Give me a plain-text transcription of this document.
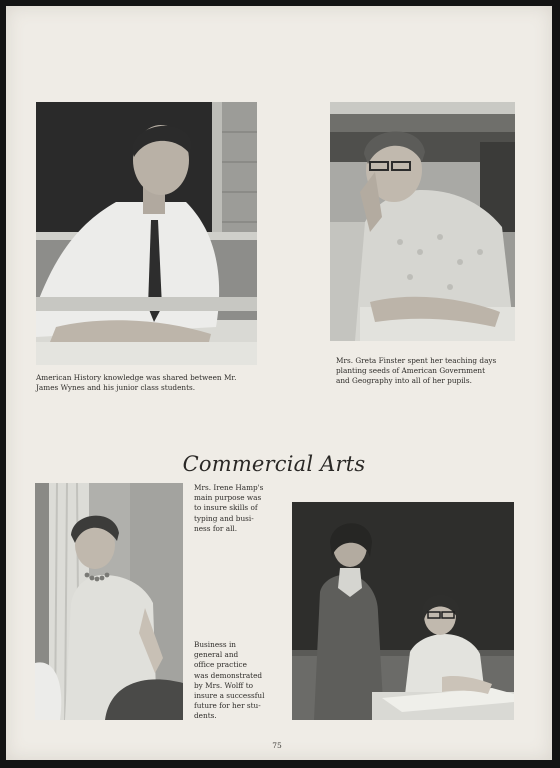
American History knowledge was shared between Mr.
James Wynes and his junior class students.

Mrs. Greta Finster spent her teaching days
planting seeds of American Government
and Geography into all of her pupils.

Commercial Arts

Mrs. Irene Hamp's
main purpose was
to insure skills of
typing and busi-
ness for all.

Business in
general and
office practice
was demonstrated
by Mrs. Wolff to
insure a successful
future for her stu-
dents.

75
